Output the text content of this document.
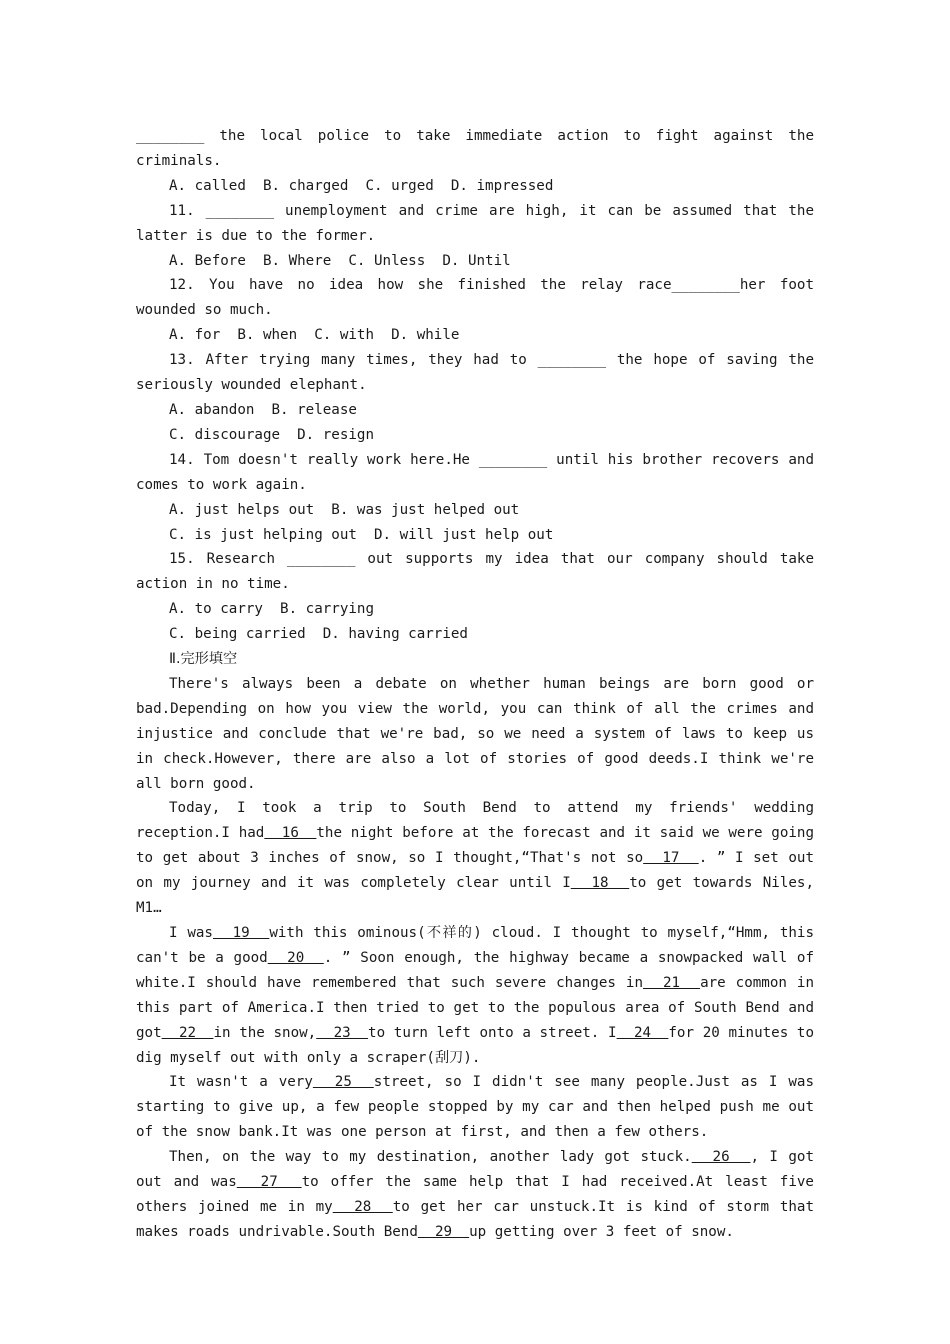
________ the local police to take immediate action to fight against the criminals.

A. called  B. charged  C. urged  D. impressed

11. ________ unemployment and crime are high, it can be assumed that the latter is due to the former.

A. Before  B. Where  C. Unless  D. Until

12. You have no idea how she finished the relay race________her foot wounded so much.

A. for  B. when  C. with  D. while

13. After trying many times, they had to ________ the hope of saving the seriously wounded elephant.

A. abandon  B. release

C. discourage  D. resign

14. Tom doesn't really work here.He ________ until his brother recovers and comes to work again.

A. just helps out  B. was just helped out

C. is just helping out  D. will just help out

15. Research ________ out supports my idea that our company should take action in no time.

A. to carry  B. carrying

C. being carried  D. having carried

Ⅱ.完形填空

There's always been a debate on whether human beings are born good or bad.Depending on how you view the world, you can think of all the crimes and injustice and conclude that we're bad, so we need a system of laws to keep us in check.However, there are also a lot of stories of good deeds.I think we're all born good.

Today, I took a trip to South Bend to attend my friends' wedding reception.I had  16  the night before at the forecast and it said we were going to get about 3 inches of snow, so I thought,“That's not so  17  . ” I set out on my journey and it was completely clear until I  18  to get towards Niles, M1…

I was  19  with this ominous(不祥的) cloud. I thought to myself,“Hmm, this can't be a good  20  . ” Soon enough, the highway became a snowpacked wall of white.I should have remembered that such severe changes in  21  are common in this part of America.I then tried to get to the populous area of South Bend and got  22  in the snow,  23  to turn left onto a street. I  24  for 20 minutes to dig myself out with only a scraper(刮刀).

It wasn't a very  25  street, so I didn't see many people.Just as I was starting to give up, a few people stopped by my car and then helped push me out of the snow bank.It was one person at first, and then a few others.

Then, on the way to my destination, another lady got stuck.  26  , I got out and was  27  to offer the same help that I had received.At least five others joined me in my  28  to get her car unstuck.It is kind of storm that makes roads undrivable.South Bend  29  up getting over 3 feet of snow.
